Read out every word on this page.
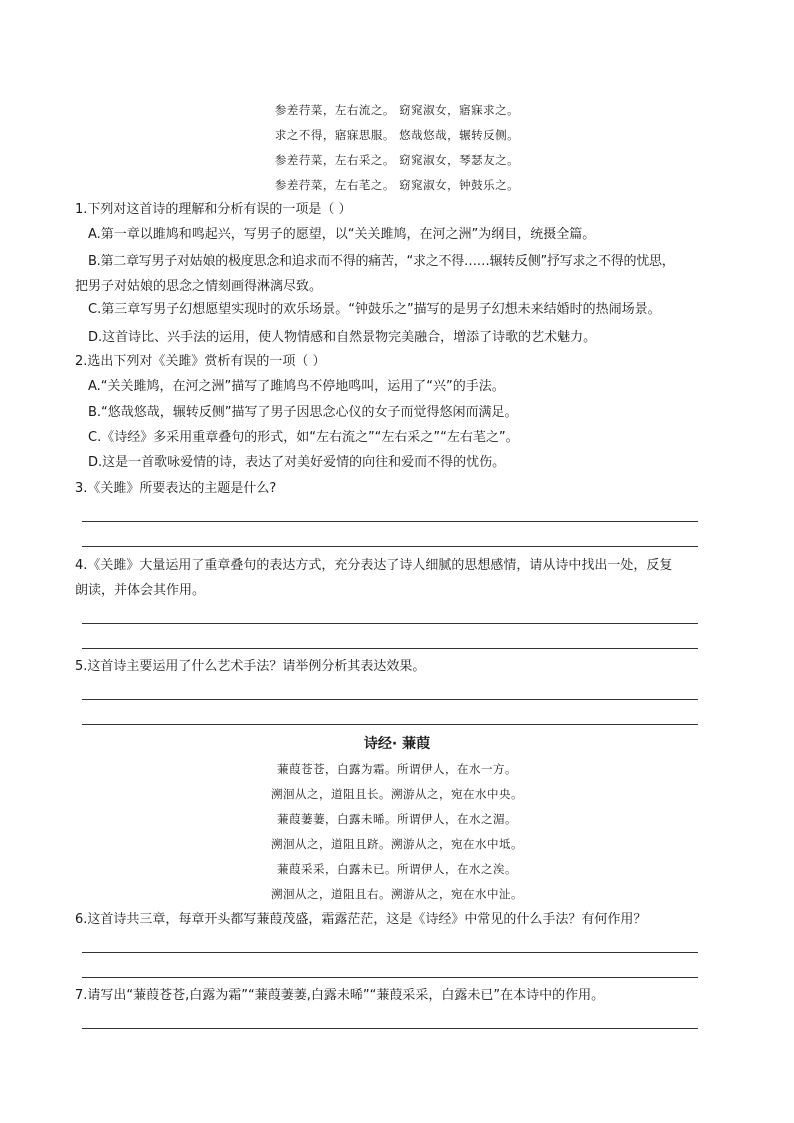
参差荇菜，左右流之。 窈窕淑女，寤寐求之。
求之不得，寤寐思服。 悠哉悠哉，辗转反侧。
参差荇菜，左右采之。 窈窕淑女，琴瑟友之。
参差荇菜，左右芼之。 窈窕淑女，钟鼓乐之。
1.下列对这首诗的理解和分析有误的一项是（ ）
A.第一章以雎鸠和鸣起兴，写男子的愿望，以“关关雎鸠，在河之洲”为纲目，统摄全篇。
B.第二章写男子对姑娘的极度思念和追求而不得的痛苦，“求之不得……辗转反侧”抒写求之不得的忧思，
把男子对姑娘的思念之情刻画得淋漓尽致。
C.第三章写男子幻想愿望实现时的欢乐场景。“钟鼓乐之”描写的是男子幻想未来结婚时的热闹场景。
D.这首诗比、兴手法的运用，使人物情感和自然景物完美融合，增添了诗歌的艺术魅力。
2.选出下列对《关雎》赏析有误的一项（ ）
A.“关关雎鸠，在河之洲”描写了雎鸠鸟不停地鸣叫，运用了“兴”的手法。
B.“悠哉悠哉，辗转反侧”描写了男子因思念心仪的女子而觉得悠闲而满足。
C.《诗经》多采用重章叠句的形式，如“左右流之”“左右采之”“左右芼之”。
D.这是一首歌咏爱情的诗，表达了对美好爱情的向往和爱而不得的忧伤。
3.《关雎》所要表达的主题是什么?
4.《关雎》大量运用了重章叠句的表达方式，充分表达了诗人细腻的思想感情，请从诗中找出一处，反复
朗读，并体会其作用。
5.这首诗主要运用了什么艺术手法？请举例分析其表达效果。
诗经· 蒹葭
蒹葭苍苍，白露为霜。所谓伊人，在水一方。
溯洄从之，道阻且长。溯游从之，宛在水中央。
蒹葭萋萋，白露未晞。所谓伊人，在水之湄。
溯洄从之，道阻且跻。溯游从之，宛在水中坻。
蒹葭采采，白露未已。所谓伊人，在水之涘。
溯洄从之，道阻且右。溯游从之，宛在水中沚。
6.这首诗共三章，每章开头都写蒹葭茂盛，霜露茫茫，这是《诗经》中常见的什么手法？有何作用？
7.请写出“蒹葭苍苍,白露为霜”“蒹葭萋萋,白露未晞”“蒹葭采采，白露未已”在本诗中的作用。
